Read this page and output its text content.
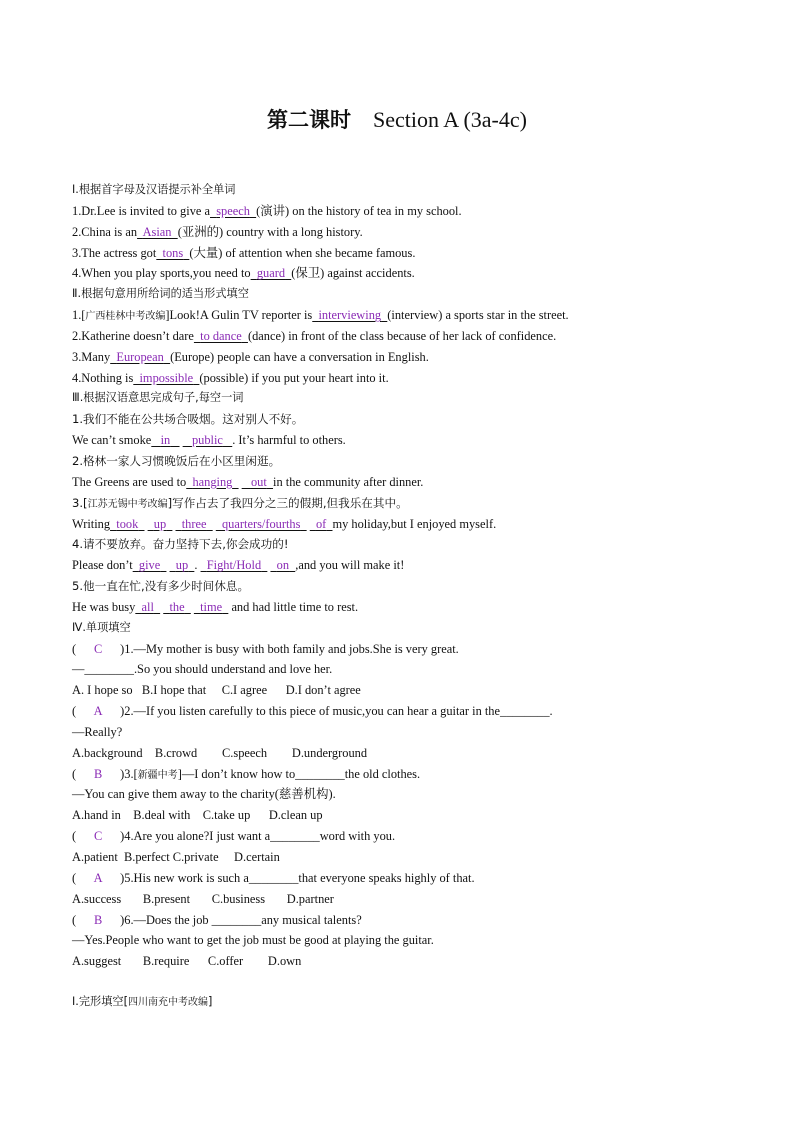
第二课时 Section A (3a-4c)
Ⅰ.根据首字母及汉语提示补全单词
1.Dr.Lee is invited to give a speech (演讲) on the history of tea in my school.
2.China is an Asian (亚洲的) country with a long history.
3.The actress got tons (大量) of attention when she became famous.
4.When you play sports,you need to guard (保卫) against accidents.
Ⅱ.根据句意用所给词的适当形式填空
1.[广西桂林中考改编]Look!A Gulin TV reporter is interviewing (interview) a sports star in the street.
2.Katherine doesn’t dare to dance (dance) in front of the class because of her lack of confidence.
3.Many European (Europe) people can have a conversation in English.
4.Nothing is impossible (possible) if you put your heart into it.
Ⅲ.根据汉语意思完成句子,每空一词
1.我们不能在公共场合吸烟。这对别人不好。
We can’t smoke in public . It’s harmful to others.
2.格林一家人习惯晚饭后在小区里闲逛。
The Greens are used to hanging out in the community after dinner.
3.[江苏无锡中考改编]写作占去了我四分之三的假期,但我乐在其中。
Writing took up three quarters/fourths of my holiday,but I enjoyed myself.
4.请不要放弃。奋力坚持下去,你会成功的!
Please don’t give up .   Fight/Hold on ,and you will make it!
5.他一直在忙,没有多少时间休息。
He was busy all the time and had little time to rest.
Ⅳ.单项填空
( C )1.—My mother is busy with both family and jobs.She is very great.
—________.So you should understand and love her.
A. I hope so   B.I hope that     C.I agree      D.I don’t agree
( A )2.—If you listen carefully to this piece of music,you can hear a guitar in the________.
—Really?
A.background    B.crowd        C.speech        D.underground
( B )3.[新疆中考]—I don’t know how to________the old clothes.
—You can give them away to the charity(慈善机构).
A.hand in    B.deal with    C.take up      D.clean up
( C )4.Are you alone?I just want a________word with you.
A.patient  B.perfect C.private     D.certain
( A )5.His new work is such a________that everyone speaks highly of that.
A.success       B.present       C.business       D.partner
( B )6.—Does the job ________any musical talents?
—Yes.People who want to get the job must be good at playing the guitar.
A.suggest       B.require      C.offer        D.own
Ⅰ.完形填空[四川南充中考改编]
